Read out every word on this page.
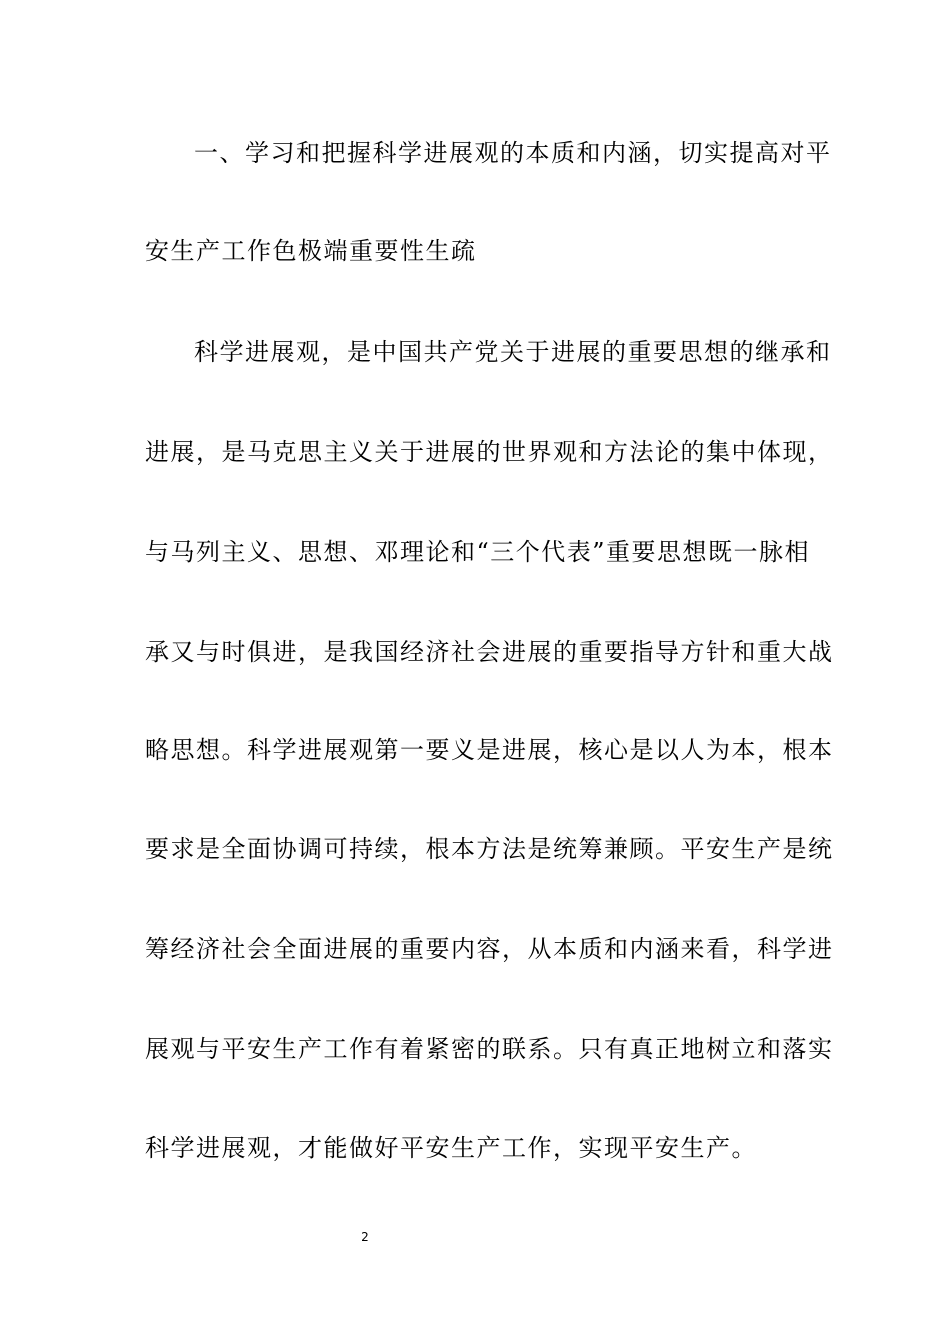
一、学习和把握科学进展观的本质和内涵，切实提高对平
安生产工作色极端重要性生疏
科学进展观，是中国共产党关于进展的重要思想的继承和
进展，是马克思主义关于进展的世界观和方法论的集中体现，
与马列主义、思想、邓理论和“三个代表”重要思想既一脉相
承又与时俱进，是我国经济社会进展的重要指导方针和重大战
略思想。科学进展观第一要义是进展，核心是以人为本，根本
要求是全面协调可持续，根本方法是统筹兼顾。平安生产是统
筹经济社会全面进展的重要内容，从本质和内涵来看，科学进
展观与平安生产工作有着紧密的联系。只有真正地树立和落实
科学进展观，才能做好平安生产工作，实现平安生产。
2
